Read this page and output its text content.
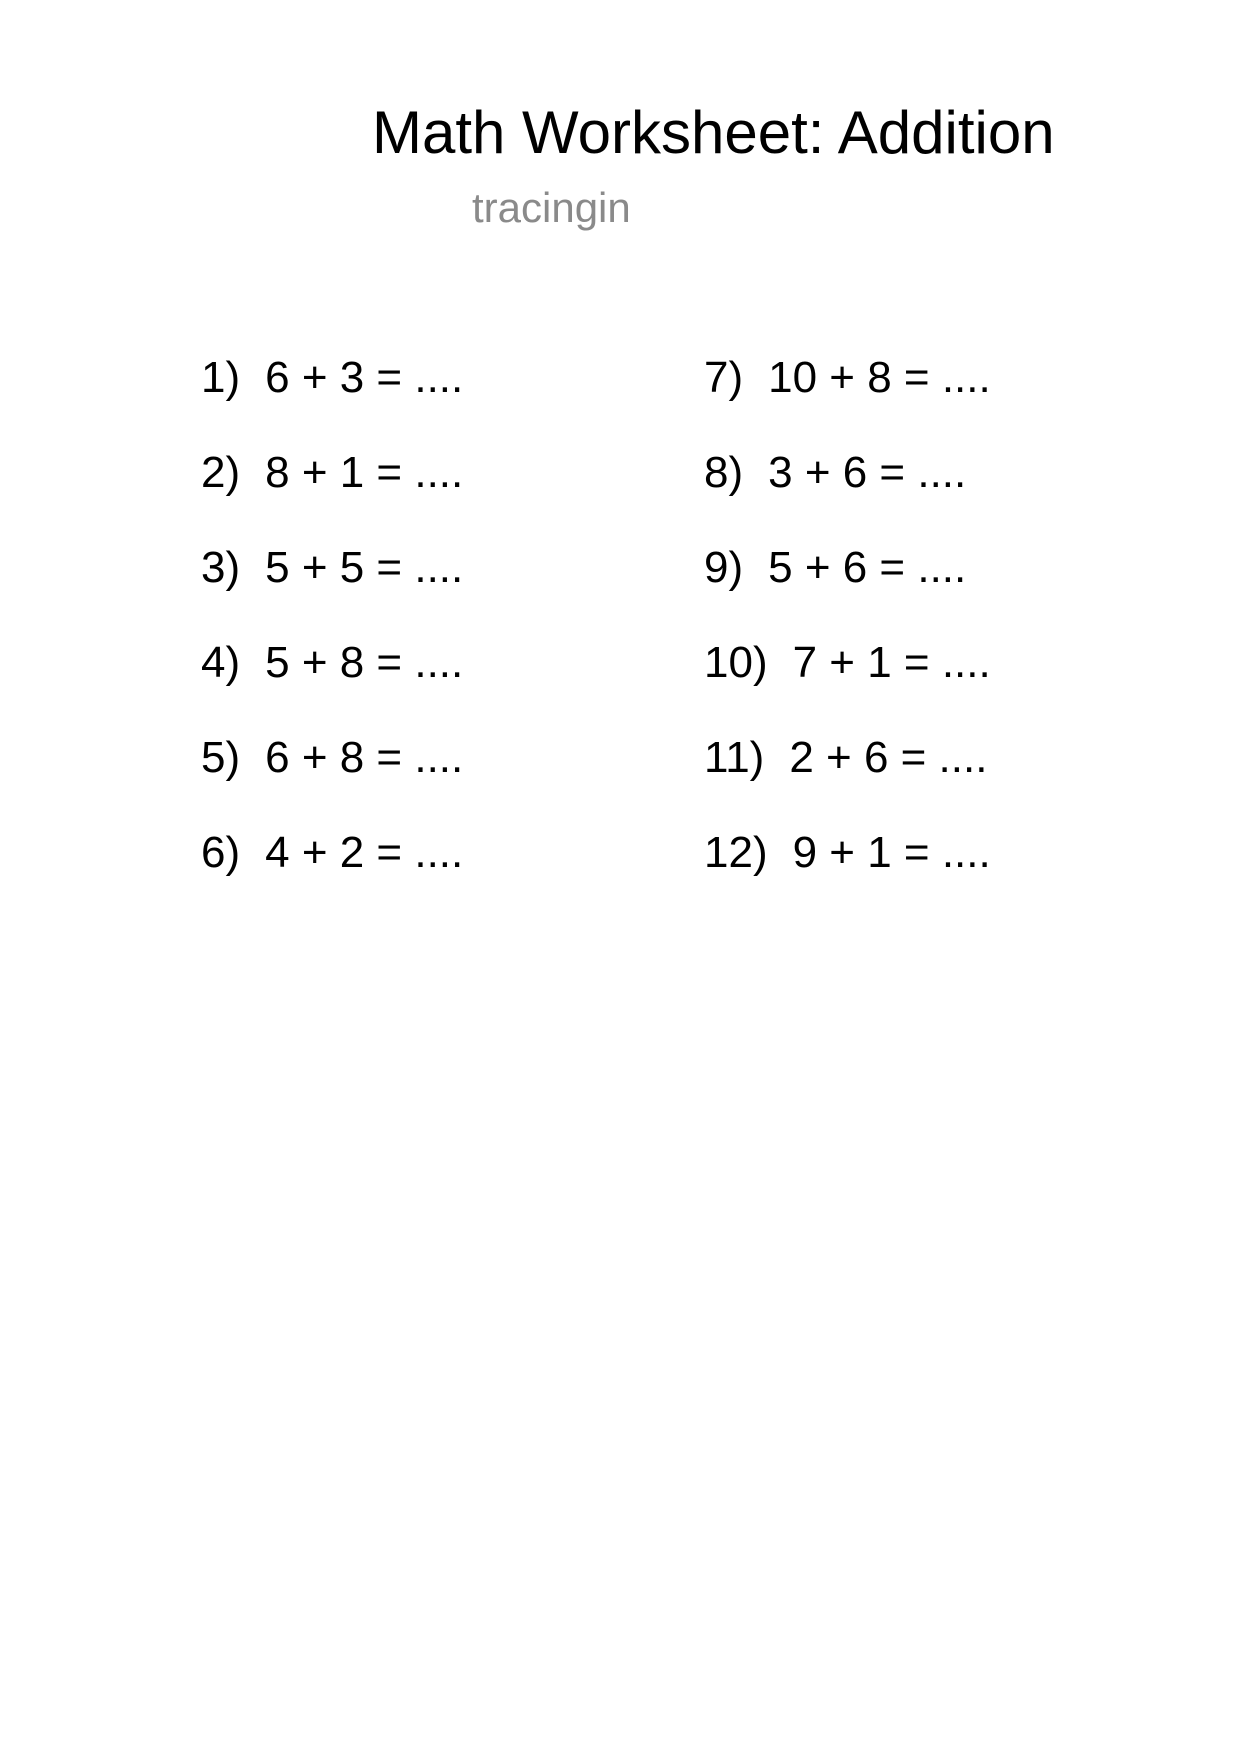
Math Worksheet: Addition
tracingin
1) 6 + 3 = ....
2) 8 + 1 = ....
3) 5 + 5 = ....
4) 5 + 8 = ....
5) 6 + 8 = ....
6) 4 + 2 = ....
7) 10 + 8 = ....
8) 3 + 6 = ....
9) 5 + 6 = ....
10) 7 + 1 = ....
11) 2 + 6 = ....
12) 9 + 1 = ....
